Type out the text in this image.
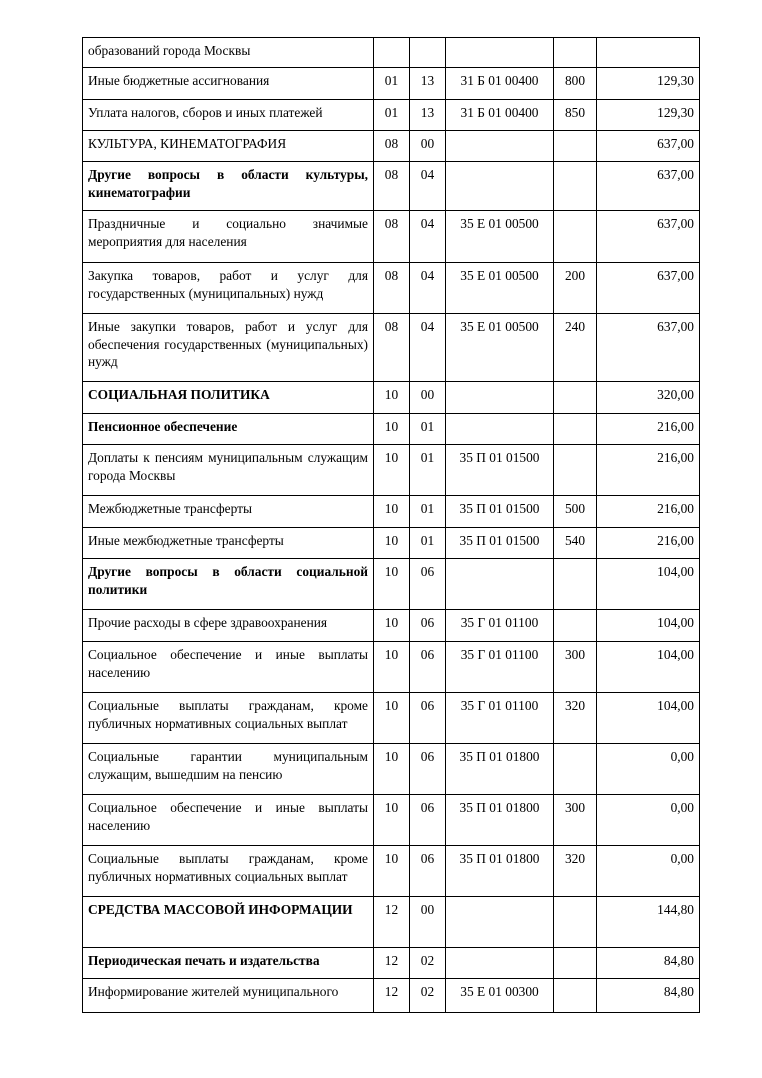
образований города Москвы					
Иные бюджетные ассигнования	01	13	31 Б 01 00400	800	129,30
Уплата налогов, сборов и иных платежей	01	13	31 Б 01 00400	850	129,30
КУЛЬТУРА, КИНЕМАТОГРАФИЯ	08	00			637,00
Другие вопросы в области культуры, кинематографии	08	04			637,00
Праздничные и социально значимые мероприятия для населения	08	04	35 Е 01 00500		637,00
Закупка товаров, работ и услуг для государственных (муниципальных) нужд	08	04	35 Е 01 00500	200	637,00
Иные закупки товаров, работ и услуг для обеспечения государственных (муниципальных) нужд	08	04	35 Е 01 00500	240	637,00
СОЦИАЛЬНАЯ ПОЛИТИКА	10	00			320,00
Пенсионное обеспечение	10	01			216,00
Доплаты к пенсиям муниципальным служащим города Москвы	10	01	35 П 01 01500		216,00
Межбюджетные трансферты	10	01	35 П 01 01500	500	216,00
Иные межбюджетные трансферты	10	01	35 П 01 01500	540	216,00
Другие вопросы в области социальной политики	10	06			104,00
Прочие расходы в сфере здравоохранения	10	06	35 Г 01 01100		104,00
Социальное обеспечение и иные выплаты населению	10	06	35 Г 01 01100	300	104,00
Социальные выплаты гражданам, кроме публичных нормативных социальных выплат	10	06	35 Г 01 01100	320	104,00
Социальные гарантии муниципальным служащим, вышедшим на пенсию	10	06	35 П 01 01800		0,00
Социальное обеспечение и иные выплаты населению	10	06	35 П 01 01800	300	0,00
Социальные выплаты гражданам, кроме публичных нормативных социальных выплат	10	06	35 П 01 01800	320	0,00
СРЕДСТВА МАССОВОЙ ИНФОРМАЦИИ	12	00			144,80
Периодическая печать и издательства	12	02			84,80
Информирование жителей муниципального	12	02	35 Е 01 00300		84,80
